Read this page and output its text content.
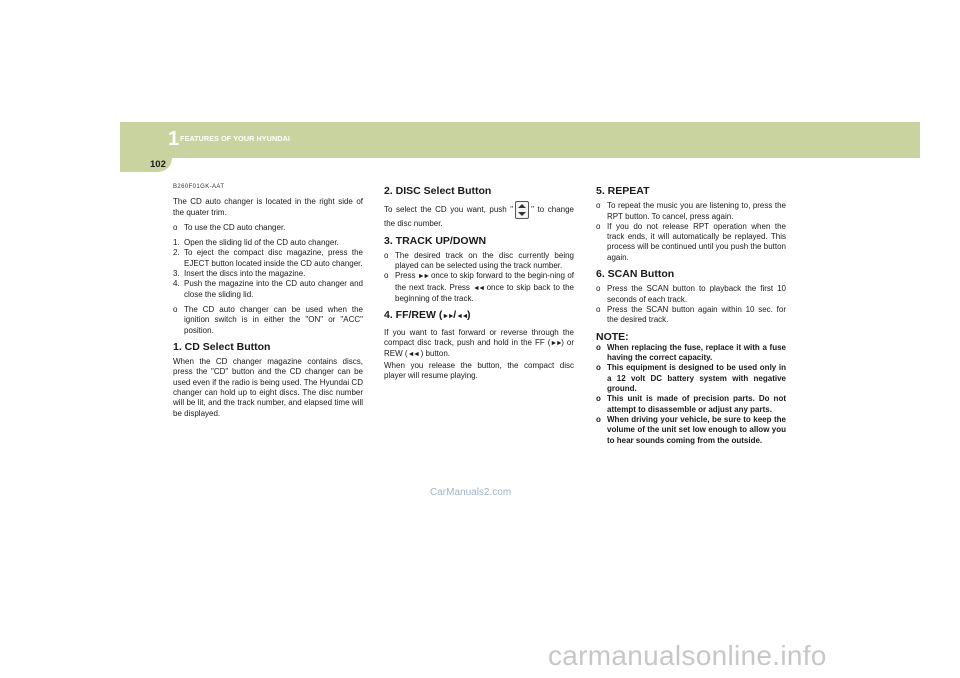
1 FEATURES OF YOUR HYUNDAI
102
B260F01GK-AAT

The CD auto changer is located in the right side of the quater trim.

o To use the CD auto changer.
1. Open the sliding lid of the CD auto changer.
2. To eject the compact disc magazine, press the EJECT button located inside the CD auto changer.
3. Insert the discs into the magazine.
4. Push the magazine into the CD auto changer and close the sliding lid.
o The CD auto changer can be used when the ignition switch is in either the "ON" or "ACC" position.
1. CD Select Button

When the CD changer magazine contains discs, press the "CD" button and the CD changer can be used even if the radio is being used. The Hyundai CD changer can hold up to eight discs. The disc number will be lit, and the track number, and elapsed time will be displayed.

2. DISC Select Button

To select the CD you want, push " " to change the disc number.

3. TRACK UP/DOWN
o The desired track on the disc currently being played can be selected using the track number.
o Press ►► once to skip forward to the begin-ning of the next track. Press ◄◄ once to skip back to the beginning of the track.
4. FF/REW (►►/◄◄)

If you want to fast forward or reverse through the compact disc track, push and hold in the FF (►►) or REW (◄◄ ) button.
When you release the button, the compact disc player will resume playing.

5. REPEAT
o To repeat the music you are listening to, press the RPT button. To cancel, press again.
o If you do not release RPT operation when the track ends, it will automatically be replayed. This process will be continued until you push the button again.
6. SCAN Button
o Press the SCAN button to playback the first 10 seconds of each track.
o Press the SCAN button again within 10 sec. for the desired track.
NOTE:
o When replacing the fuse, replace it with a fuse having the correct capacity.
o This equipment is designed to be used only in a 12 volt DC battery system with negative ground.
o This unit is made of precision parts. Do not attempt to disassemble or adjust any parts.
o When driving your vehicle, be sure to keep the volume of the unit set low enough to allow you to hear sounds coming from the outside.
CarManuals2.com
carmanualsonline.info
